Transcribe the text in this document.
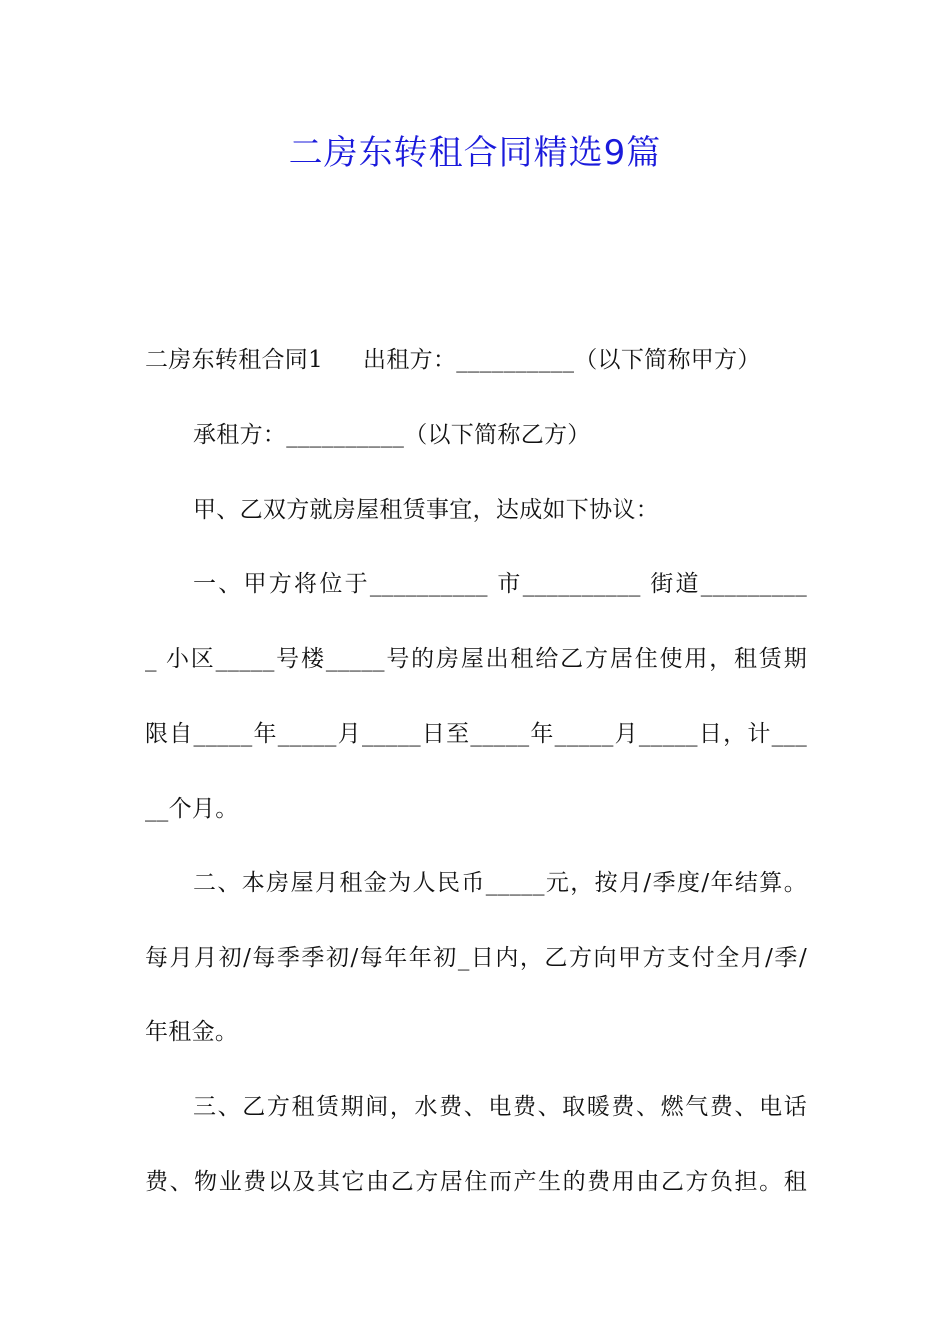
二房东转租合同精选9篇

二房东转租合同1 出租方：__________（以下简称甲方）

承租方：__________（以下简称乙方）

甲、乙双方就房屋租赁事宜，达成如下协议：

一、甲方将位于__________ 市__________ 街道_________

_ 小区_____号楼_____号的房屋出租给乙方居住使用，租赁期

限自_____年_____月_____日至_____年_____月_____日，计___

__个月。

二、本房屋月租金为人民币_____元，按月/季度/年结算。

每月月初/每季季初/每年年初_日内，乙方向甲方支付全月/季/

年租金。

三、乙方租赁期间，水费、电费、取暖费、燃气费、电话

费、物业费以及其它由乙方居住而产生的费用由乙方负担。租
